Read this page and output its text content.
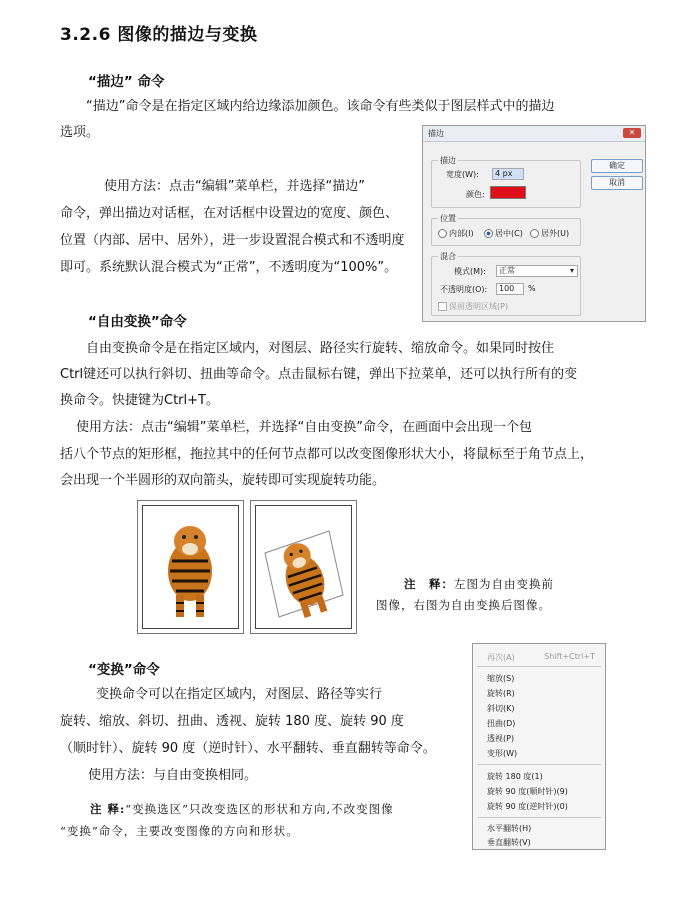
3.2.6 图像的描边与变换
“描边” 命令
“描边”命令是在指定区域内给边缘添加颜色。该命令有些类似于图层样式中的描边
选项。
使用方法：点击“编辑”菜单栏，并选择“描边”
命令，弹出描边对话框，在对话框中设置边的宽度、颜色、
位置（内部、居中、居外），进一步设置混合模式和不透明度
即可。系统默认混合模式为“正常”，不透明度为“100%”。
描边	✕
确定
取消
描边
宽度(W):	4 px
颜色:
位置
内部(I)	居中(C)	居外(U)
混合
模式(M):	正常	▾
不透明度(O):	100	%
保留透明区域(P)
“自由变换”命令
自由变换命令是在指定区域内，对图层、路径实行旋转、缩放命令。如果同时按住
Ctrl键还可以执行斜切、扭曲等命令。点击鼠标右键，弹出下拉菜单，还可以执行所有的变
换命令。快捷键为Ctrl+T。
使用方法：点击“编辑”菜单栏，并选择“自由变换”命令，在画面中会出现一个包
括八个节点的矩形框，拖拉其中的任何节点都可以改变图像形状大小，将鼠标至于角节点上，
会出现一个半圆形的双向箭头，旋转即可实现旋转功能。
注　释：左图为自由变换前
图像，右图为自由变换后图像。
“变换”命令
变换命令可以在指定区域内，对图层、路径等实行
旋转、缩放、斜切、扭曲、透视、旋转 180 度、旋转 90 度
（顺时针）、旋转 90 度（逆时针）、水平翻转、垂直翻转等命令。
使用方法：与自由变换相同。
注 释:“变换选区”只改变选区的形状和方向,不改变图像
“变换”命令，主要改变图像的方向和形状。
再次(A)	Shift+Ctrl+T
缩放(S)
旋转(R)
斜切(K)
扭曲(D)
透视(P)
变形(W)
旋转 180 度(1)
旋转 90 度(顺时针)(9)
旋转 90 度(逆时针)(0)
水平翻转(H)
垂直翻转(V)
